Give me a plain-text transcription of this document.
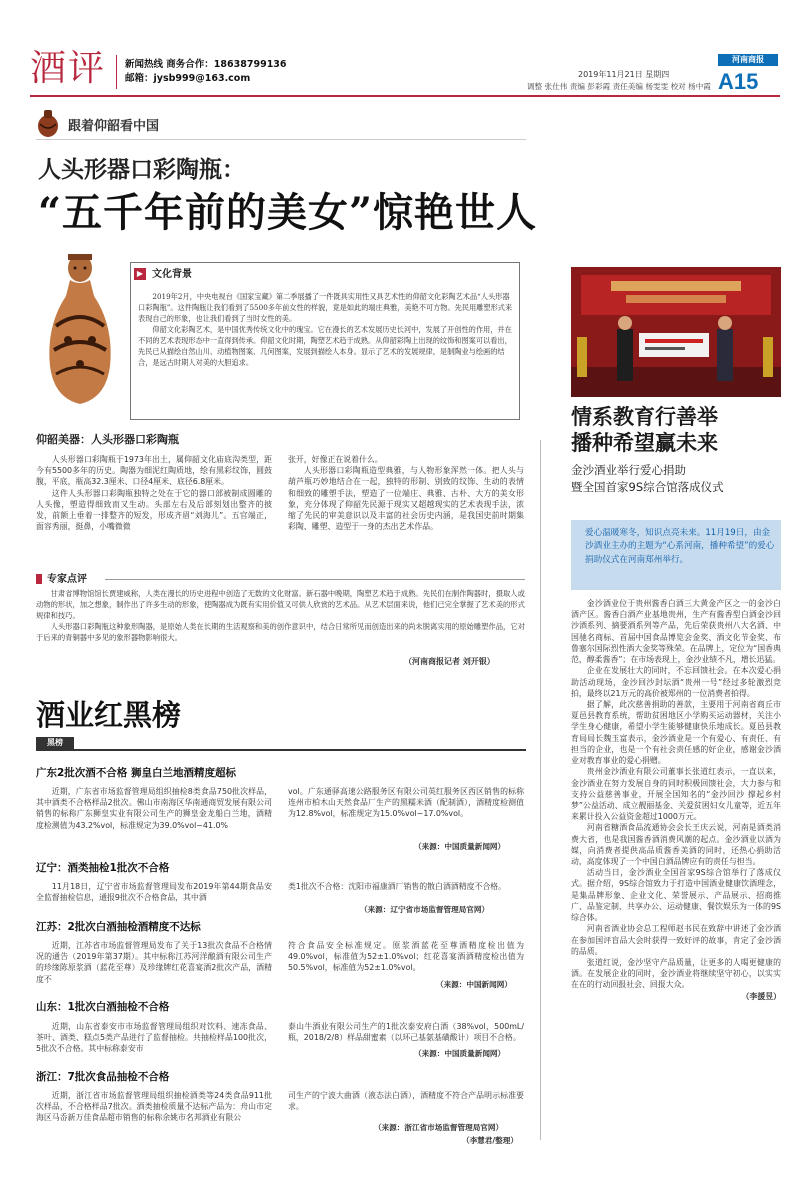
酒评 新闻热线 商务合作：18638799136
邮箱：jysb999@163.com	2019年11月21日 星期四
调整 张仕伟 责编 彭彩霞 责任美编 杨雯雯 校对 杨中霞
河南商报
A15
跟着仰韶看中国
人头形器口彩陶瓶：
“五千年前的美女”惊艳世人
▶ 文化背景

2019年2月，中央电视台《国家宝藏》第二季展播了一件既具实用性又具艺术性的仰韶文化彩陶艺术品“人头形器口彩陶瓶”。这件陶瓶让我们看到了5500多年前女性的样貌，竟是如此的端庄典雅，美艳不可方物。先民用雕塑形式来表现自己的形象，也让我们看到了当时女性的美。

仰韶文化彩陶艺术，是中国优秀传统文化中的瑰宝。它在漫长的艺术发展历史长河中，发展了开创性的作用，并在不同的艺术表现形态中一直得到传承。仰韶文化时期，陶塑艺术趋于成熟。从仰韶彩陶上出现的纹饰和图案可以看出，先民已从描绘自然山川、动植物图案、几何图案，发展到描绘人本身。显示了艺术的发展规律，是制陶业与绘画的结合，是远古时期人对美的大胆追求。

仰韶美器：人头形器口彩陶瓶

人头形器口彩陶瓶于1973年出土，属仰韶文化庙底沟类型，距今有5500多年的历史。陶器为细泥红陶质地，绘有黑彩纹饰，圆鼓腹，平底，瓶高32.3厘米、口径4厘米、底径6.8厘米。

这件人头形器口彩陶瓶独特之处在于它的器口部被制成圆雕的人头像，塑造得细致而又生动。头部左右及后部刻划出整齐的披发，前额上垂着一排整齐的短发，形成齐眉“刘海儿”。五官端正，面容秀丽，挺鼻，小嘴微微

张开，好像正在说着什么。

人头形器口彩陶瓶造型典雅，与人物形象浑然一体。把人头与葫芦瓶巧妙地结合在一起，独特的形制、别致的纹饰、生动的表情和细致的雕塑手法，塑造了一位端庄、典雅、古朴、大方的美女形象，充分体现了仰韶先民源于现实又超越现实的艺术表现手法，浓缩了先民的审美意识以及丰富的社会历史内涵，是我国史前时期集彩陶、雕塑、造型于一身的杰出艺术作品。

专家点评

甘肃省博物馆馆长贾建威称，人类在漫长的历史进程中创造了无数的文化财富。新石器中晚期，陶塑艺术趋于成熟。先民们在制作陶器时，摄取人或动物的形状，加之想象，制作出了许多生动的形象，使陶器成为既有实用价值又可供人欣赏的艺术品。从艺术层面来说，他们已完全掌握了艺术美的形式规律和技巧。

人头形器口彩陶瓶这种象形陶器，是原始人类在长期的生活观察和美的创作意识中，结合日常所见而创造出来的尚未脱离实用的原始雕塑作品，它对于后来的青铜器中多见的象形器物影响很大。

（河南商报记者 刘开银）
酒业红黑榜
黑榜
广东2批次酒不合格 狮皇白兰地酒精度超标

近期，广东省市场监督管理局组织抽检8类食品750批次样品，其中酒类不合格样品2批次。佛山市南海区华南通商贸发展有限公司销售的标称广东狮皇实业有限公司生产的狮皇金龙船白兰地，酒精度检测值为43.2%vol，标准规定为39.0%vol~41.0%

vol。广东通驿高速公路服务区有限公司英红服务区西区销售的标称连州市柏木山天然食品厂生产的黑糯米酒（配制酒），酒精度检测值为12.8%vol，标准规定为15.0%vol~17.0%vol。

（来源：中国质量新闻网）
辽宁：酒类抽检1批次不合格

11月18日，辽宁省市场监督管理局发布2019年第44期食品安全监督抽检信息，通报9批次不合格食品，其中酒

类1批次不合格：沈阳市福康酒厂销售的散白酒酒精度不合格。

（来源：辽宁省市场监督管理局官网）
江苏：2批次白酒抽检酒精度不达标

近期，江苏省市场监督管理局发布了关于13批次食品不合格情况的通告（2019年第37期）。其中标称江苏河洋酿酒有限公司生产的珍缘陈原浆酒（蓝花至尊）及珍缘牌红花喜宴酒2批次产品，酒精度不

符合食品安全标准规定。原浆酒蓝花至尊酒精度检出值为49.0%vol，标准值为52±1.0%vol；红花喜宴酒酒精度检出值为50.5%vol，标准值为52±1.0%vol。

（来源：中国新闻网）
山东：1批次白酒抽检不合格

近期，山东省泰安市市场监督管理局组织对饮料、速冻食品、茶叶、酒类、糕点5类产品进行了监督抽检。共抽检样品100批次，5批次不合格。其中标称泰安市

泰山牛酒业有限公司生产的1批次泰安府白酒（38%vol，500mL/瓶，2018/2/8）样品甜蜜素（以环己基氨基磺酸计）项目不合格。

（来源：中国质量新闻网）
浙江：7批次食品抽检不合格

近期，浙江省市场监督管理局组织抽检酒类等24类食品911批次样品，不合格样品7批次。酒类抽检质量不达标产品为：舟山市定海区马岙新万佳食品超市销售的标称余姚市名邦酒业有限公

司生产的宁波大曲酒（液态法白酒），酒精度不符合产品明示标准要求。

（来源：浙江省市场监督管理局官网）
（李慧君/整理）
情系教育行善举
播种希望赢未来
金沙酒业举行爱心捐助
暨全国首家9S综合馆落成仪式
爱心温暖寒冬，知识点亮未来。11月19日，由金沙酒业主办的主题为“心系河南，播种希望”的爱心捐助仪式在河南郑州举行。

金沙酒业位于贵州酱香白酒三大黄金产区之一的金沙白酒产区。酱香白酒产业基地贵州，生产有酱香型白酒金沙回沙酒系列、摘要酒系列等产品，先后荣获贵州八大名酒、中国驰名商标、首届中国食品博览会金奖、酒文化节金奖、布鲁塞尔国际烈性酒大金奖等殊荣。在品牌上，定位为“国香典范，醇柔酱香”；在市场表现上，金沙业绩不凡，增长迅猛。

企业在发展壮大的同时，不忘回馈社会。在本次爱心捐助活动现场，金沙回沙封坛酒“贵州一号”经过多轮激烈竞拍，最终以21万元的高价被郑州的一位消费者拍得。

据了解，此次慈善捐助的善款，主要用于河南省商丘市夏邑县教育系统，帮助贫困地区小学购买运动器材，关注小学生身心健康，希望小学生能够健康快乐地成长。夏邑县教育局局长魏玉富表示，金沙酒业是一个有爱心、有责任、有担当的企业，也是一个有社会责任感的好企业，感谢金沙酒业对教育事业的爱心捐赠。

贵州金沙酒业有限公司董事长张道红表示，一直以来，金沙酒业在努力发展自身的同时积极回馈社会，大力参与和支持公益慈善事业，开展全国知名的“金沙回沙 撑起乡村梦”公益活动、成立靓丽基金、关爱贫困妇女儿童等，近五年来累计投入公益资金超过1000万元。

河南省糖酒食品流通协会会长王庆云说，河南是酒类消费大省，也是我国酱香酒消费风潮的起点。金沙酒业以酒为媒，向消费者提供高品质酱香美酒的同时，还热心捐助活动，高度体现了一个中国白酒品牌应有的责任与担当。

活动当日，金沙酒业全国首家9S综合馆举行了落成仪式。据介绍，9S综合馆致力于打造中国酒业健康饮酒理念，是集品牌形象、企业文化、荣誉展示、产品展示、招商推广、品鉴定制、共享办公、运动健康、餐饮娱乐为一体的9S综合体。

河南省酒业协会总工程师赵书民在致辞中讲述了金沙酒在参加国评盲品大会时获得一致好评的故事，肯定了金沙酒的品质。

张道红说，金沙坚守产品质量，让更多的人喝更健康的酒。在发展企业的同时，金沙酒业将继续坚守初心，以实实在在的行动回报社会、回报大众。

（李援昱）
